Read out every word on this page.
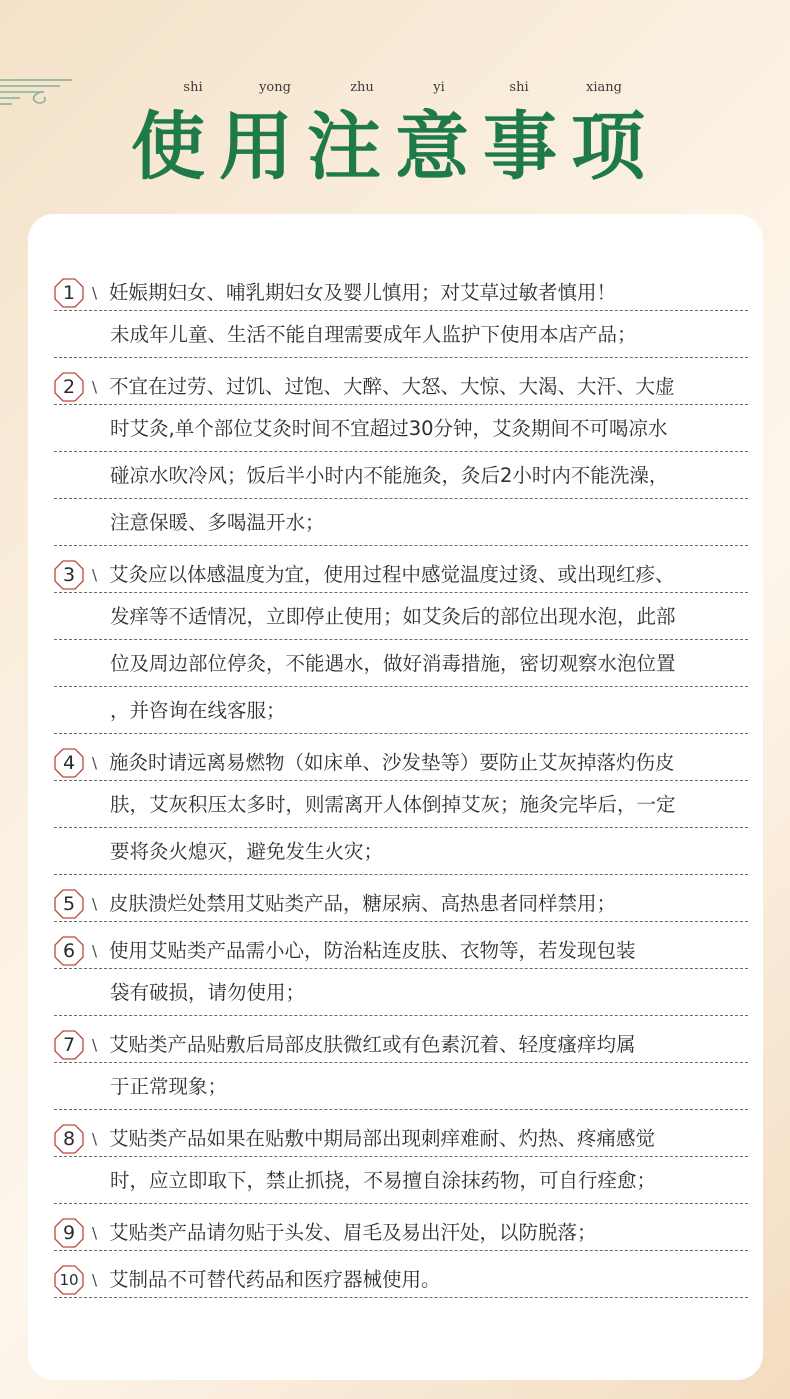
shi	yong	zhu	yi	shi	xiang
使用注意事项
1	\ 妊娠期妇女、哺乳期妇女及婴儿慎用；对艾草过敏者慎用！
未成年儿童、生活不能自理需要成年人监护下使用本店产品；
2	\ 不宜在过劳、过饥、过饱、大醉、大怒、大惊、大渴、大汗、大虚
时艾灸,单个部位艾灸时间不宜超过30分钟，艾灸期间不可喝凉水
碰凉水吹冷风；饭后半小时内不能施灸，灸后2小时内不能洗澡，
注意保暖、多喝温开水；
3	\ 艾灸应以体感温度为宜，使用过程中感觉温度过烫、或出现红疹、
发痒等不适情况，立即停止使用；如艾灸后的部位出现水泡，此部
位及周边部位停灸，不能遇水，做好消毒措施，密切观察水泡位置
，并咨询在线客服；
4	\ 施灸时请远离易燃物（如床单、沙发垫等）要防止艾灰掉落灼伤皮
肤，艾灰积压太多时，则需离开人体倒掉艾灰；施灸完毕后，一定
要将灸火熄灭，避免发生火灾；
5	\ 皮肤溃烂处禁用艾贴类产品，糖尿病、高热患者同样禁用；
6	\ 使用艾贴类产品需小心，防治粘连皮肤、衣物等，若发现包装
袋有破损，请勿使用；
7	\ 艾贴类产品贴敷后局部皮肤微红或有色素沉着、轻度瘙痒均属
于正常现象；
8	\ 艾贴类产品如果在贴敷中期局部出现刺痒难耐、灼热、疼痛感觉
时，应立即取下，禁止抓挠，不易擅自涂抹药物，可自行痊愈；
9	\ 艾贴类产品请勿贴于头发、眉毛及易出汗处，以防脱落；
10 \ 艾制品不可替代药品和医疗器械使用。
